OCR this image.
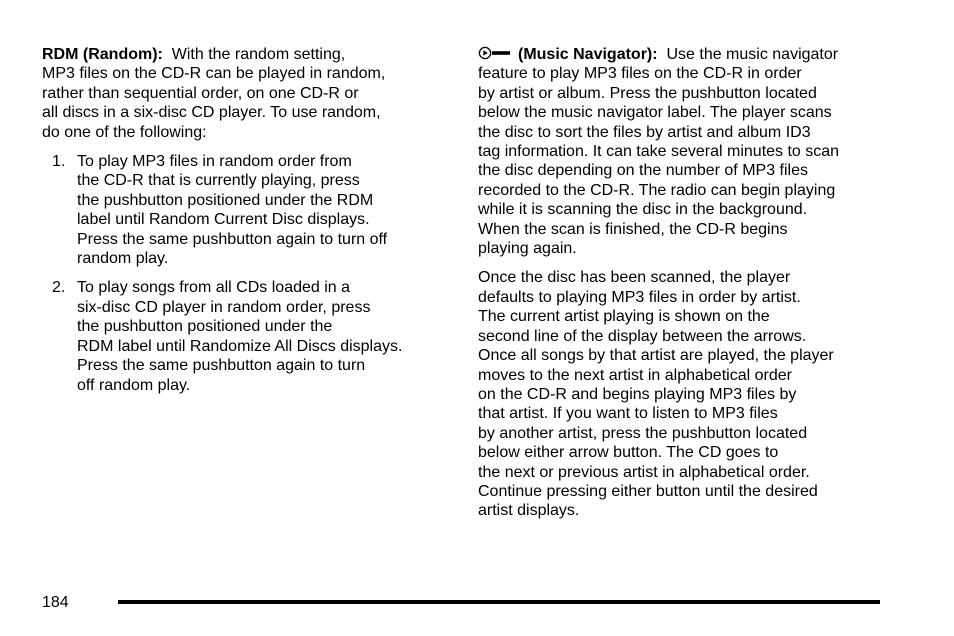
RDM (Random): With the random setting,
MP3 files on the CD-R can be played in random,
rather than sequential order, on one CD-R or
all discs in a six-disc CD player. To use random,
do one of the following:
1. To play MP3 files in random order from
the CD-R that is currently playing, press
the pushbutton positioned under the RDM
label until Random Current Disc displays.
Press the same pushbutton again to turn off
random play.
2. To play songs from all CDs loaded in a
six-disc CD player in random order, press
the pushbutton positioned under the
RDM label until Randomize All Discs displays.
Press the same pushbutton again to turn
off random play.
(Music Navigator): Use the music navigator
feature to play MP3 files on the CD-R in order
by artist or album. Press the pushbutton located
below the music navigator label. The player scans
the disc to sort the files by artist and album ID3
tag information. It can take several minutes to scan
the disc depending on the number of MP3 files
recorded to the CD-R. The radio can begin playing
while it is scanning the disc in the background.
When the scan is finished, the CD-R begins
playing again.
Once the disc has been scanned, the player
defaults to playing MP3 files in order by artist.
The current artist playing is shown on the
second line of the display between the arrows.
Once all songs by that artist are played, the player
moves to the next artist in alphabetical order
on the CD-R and begins playing MP3 files by
that artist. If you want to listen to MP3 files
by another artist, press the pushbutton located
below either arrow button. The CD goes to
the next or previous artist in alphabetical order.
Continue pressing either button until the desired
artist displays.
184
